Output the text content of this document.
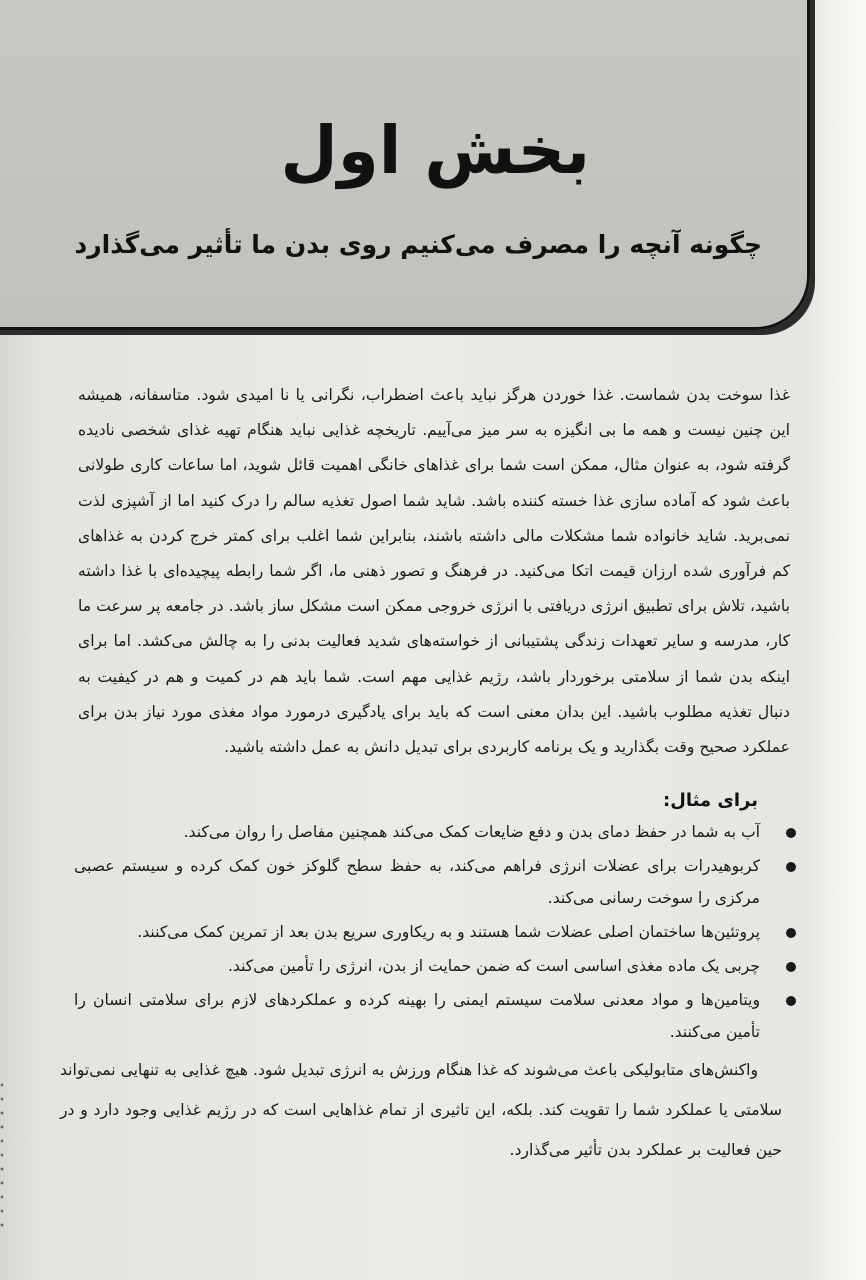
بخش اول
چگونه آنچه را مصرف می‌کنیم روی بدن ما تأثیر می‌گذارد

غذا سوخت بدن شماست. غذا خوردن هرگز نباید باعث اضطراب، نگرانی یا نا امیدی شود. متاسفانه، همیشه این چنین نیست و همه ما بی انگیزه به سر میز می‌آییم. تاریخچه غذایی نباید هنگام تهیه غذای شخصی نادیده گرفته شود، به عنوان مثال، ممکن است شما برای غذاهای خانگی اهمیت قائل شوید، اما ساعات کاری طولانی باعث شود که آماده سازی غذا خسته کننده باشد. شاید شما اصول تغذیه سالم را درک کنید اما از آشپزی لذت نمی‌برید. شاید خانواده شما مشکلات مالی داشته باشند، بنابراین شما اغلب برای کمتر خرج کردن به غذاهای کم فرآوری شده ارزان قیمت اتکا می‌کنید. در فرهنگ و تصور ذهنی ما، اگر شما رابطه پیچیده‌ای با غذا داشته باشید، تلاش برای تطبیق انرژی دریافتی با انرژی خروجی ممکن است مشکل ساز باشد. در جامعه پر سرعت ما کار، مدرسه و سایر تعهدات زندگی پشتیبانی از خواسته‌های شدید فعالیت بدنی را به چالش می‌کشد. اما برای اینکه بدن شما از سلامتی برخوردار باشد، رژیم غذایی مهم است. شما باید هم در کمیت و هم در کیفیت به دنبال تغذیه مطلوب باشید. این بدان معنی است که باید برای یادگیری درمورد مواد مغذی مورد نیاز بدن برای عملکرد صحیح وقت بگذارید و یک برنامه کاربردی برای تبدیل دانش به عمل داشته باشید.

برای مثال:
آب به شما در حفظ دمای بدن و دفع ضایعات کمک می‌کند همچنین مفاصل را روان می‌کند.
کربوهیدرات برای عضلات انرژی فراهم می‌کند، به حفظ سطح گلوکز خون کمک کرده و سیستم عصبی مرکزی را سوخت رسانی می‌کند.
پروتئین‌ها ساختمان اصلی عضلات شما هستند و به ریکاوری سریع بدن بعد از تمرین کمک می‌کنند.
چربی یک ماده مغذی اساسی است که ضمن حمایت از بدن، انرژی را تأمین می‌کند.
ویتامین‌ها و مواد معدنی سلامت سیستم ایمنی را بهینه کرده و عملکردهای لازم برای سلامتی انسان را تأمین می‌کنند.

واکنش‌های متابولیکی باعث می‌شوند که غذا هنگام ورزش به انرژی تبدیل شود. هیچ غذایی به تنهایی نمی‌تواند سلامتی یا عملکرد شما را تقویت کند. بلکه، این تاثیری از تمام غذاهایی است که در رژیم غذایی وجود دارد و در حین فعالیت بر عملکرد بدن تأثیر می‌گذارد.
